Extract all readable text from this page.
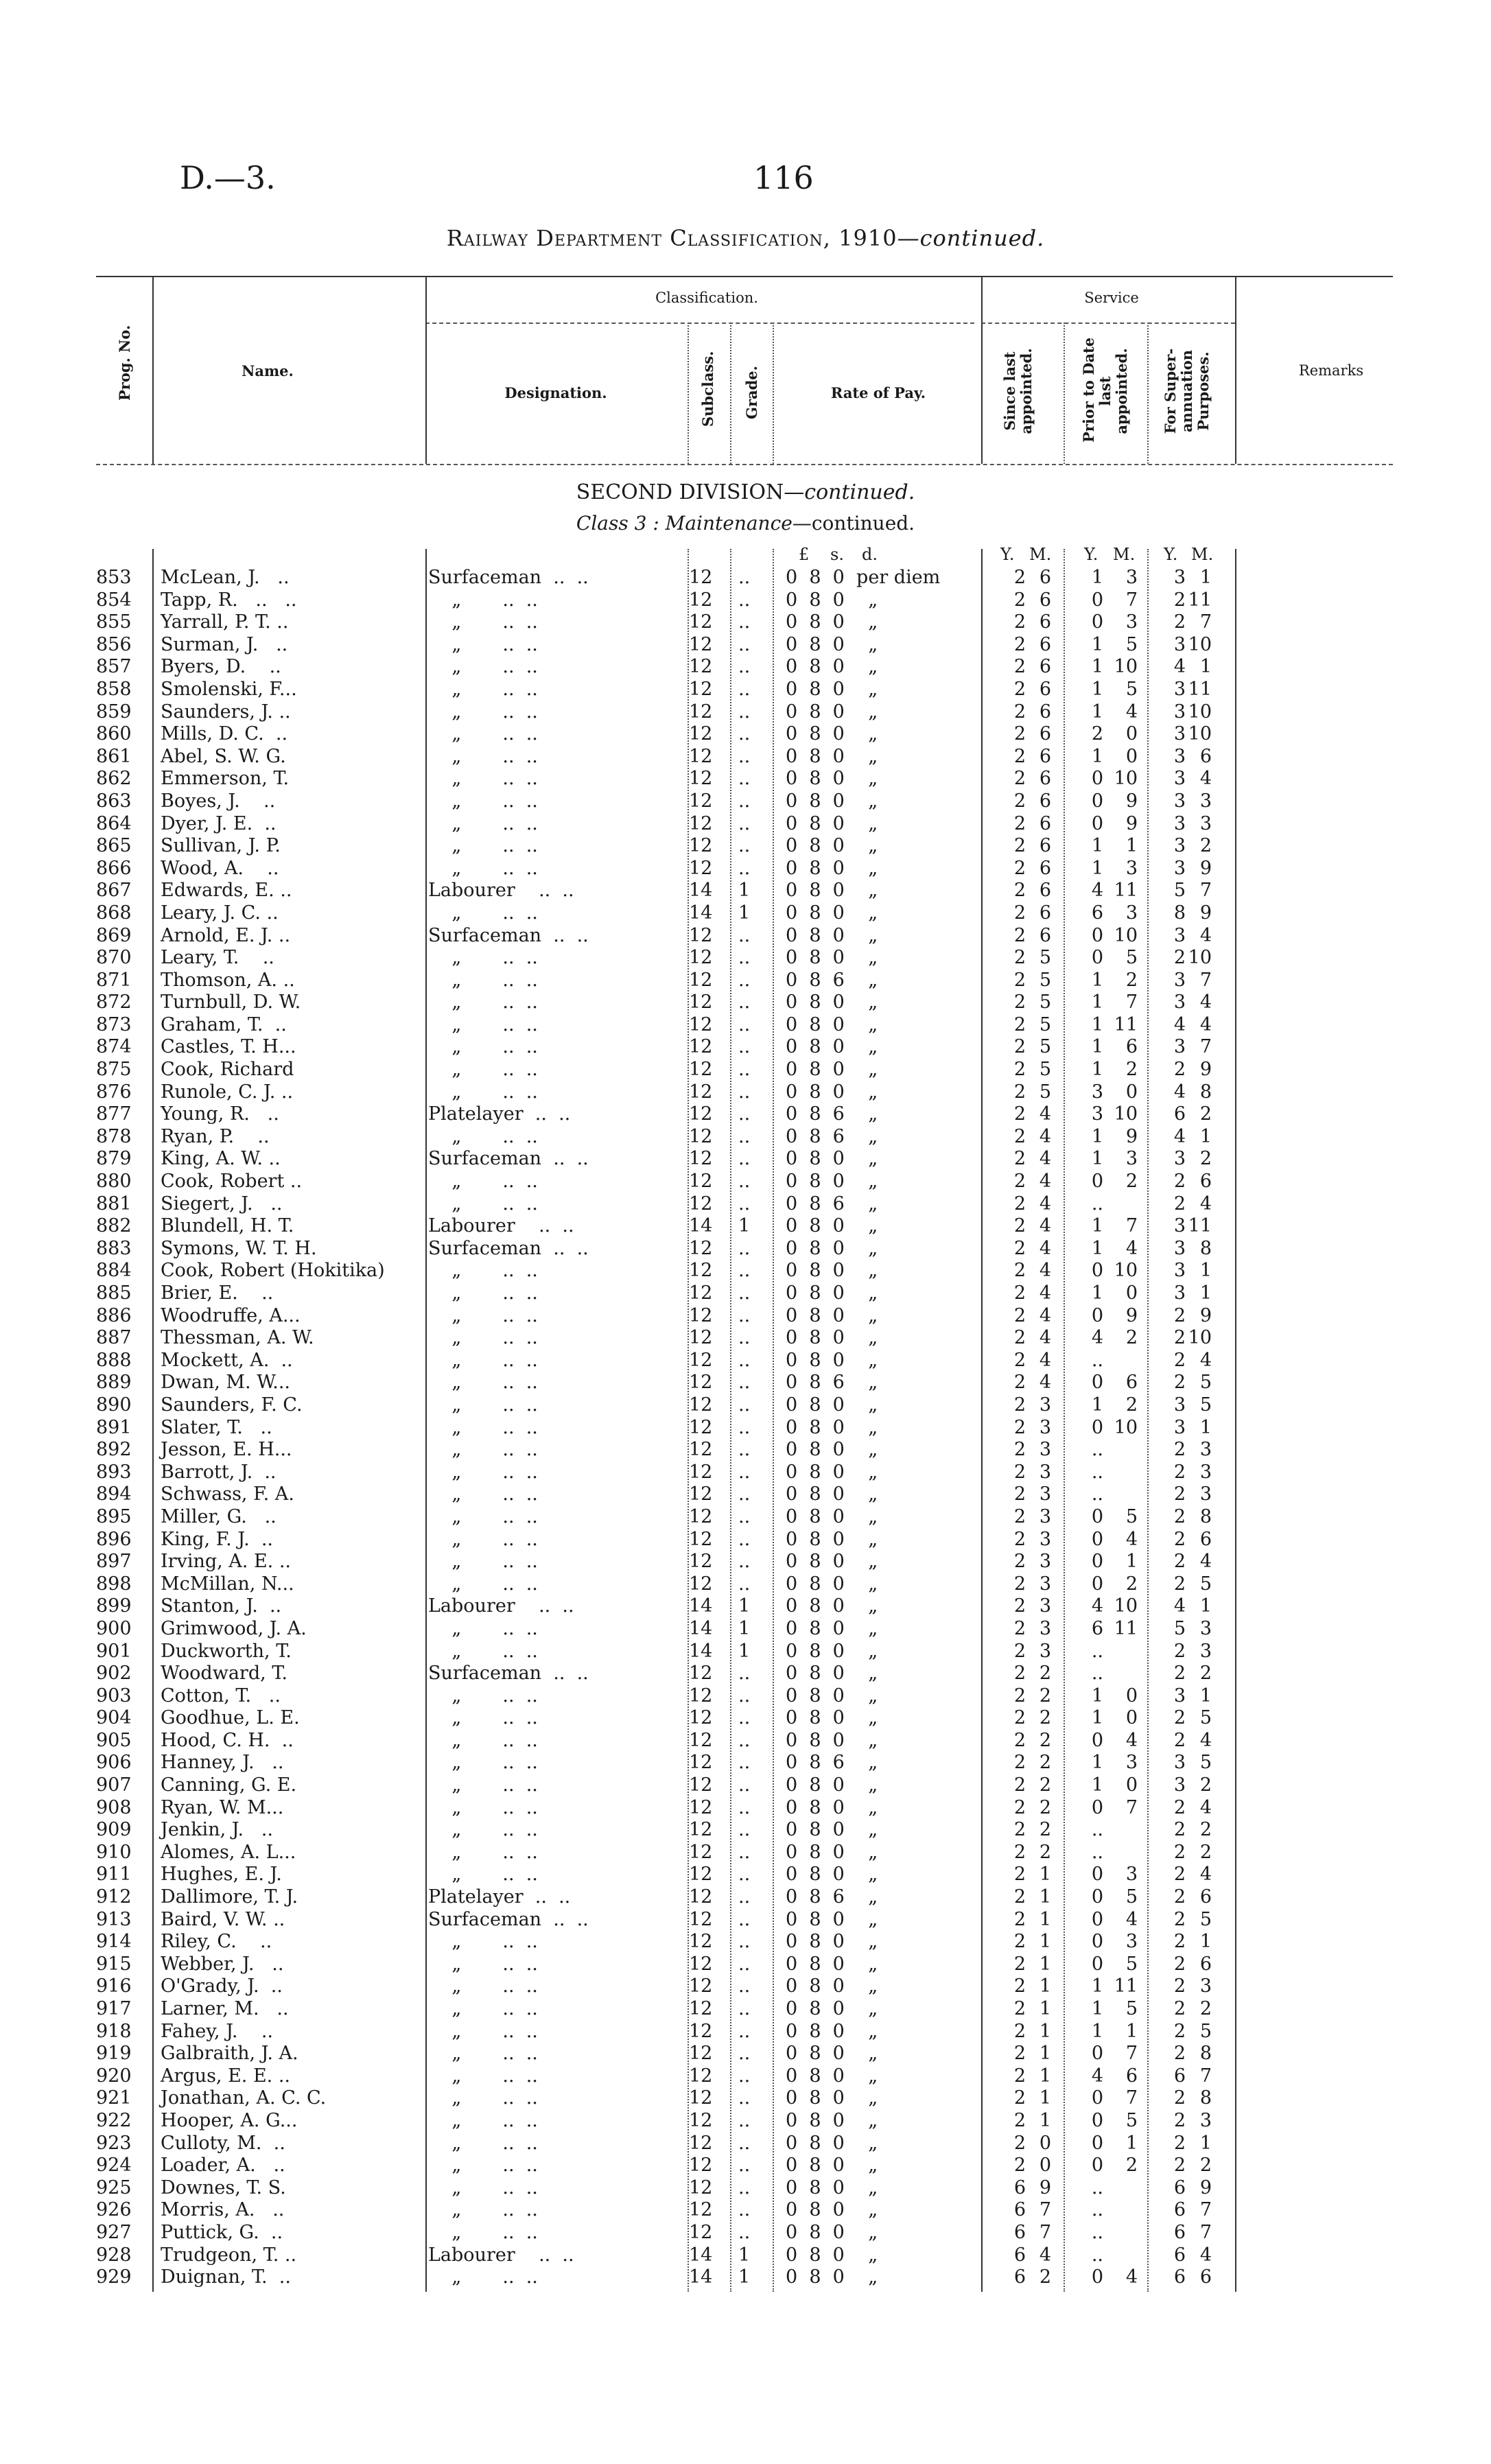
D.—3.	116
Railway Department Classification, 1910—continued.
Prog. No.	Name.
Classification.
Designation.	Subclass. Grade.	Rate of Pay.
Service
Since last
appointed.	Prior to Date
last
appointed.	For Super-
annuation
Purposes.	Remarks
SECOND DIVISION—continued.
Class 3 : Maintenance—continued.
£ s. d.	Y. M. Y. M. Y. M.
853	McLean, J.   ..	Surfaceman  ..  ..	12	..	0  8  0  per diem	2 6	1	3	3 1
854	Tapp, R.   ..   ..	„       ..  ..	12	..	0  8  0    „	2 6	0	7	2 11
855	Yarrall, P. T. ..	„       ..  ..	12	..	0  8  0    „	2 6	0	3	2 7
856	Surman, J.   ..	„       ..  ..	12	..	0  8  0    „	2 6	1	5	3 10
857	Byers, D.    ..	„       ..  ..	12	..	0  8  0    „	2 6	1 10	4 1
858	Smolenski, F...	„       ..  ..	12	..	0  8  0    „	2 6	1	5	3 11
859	Saunders, J. ..	„       ..  ..	12	..	0  8  0    „	2 6	1	4	3 10
860	Mills, D. C.  ..	„       ..  ..	12	..	0  8  0    „	2 6	2	0	3 10
861	Abel, S. W. G.	„       ..  ..	12	..	0  8  0    „	2 6	1	0	3 6
862	Emmerson, T.	„       ..  ..	12	..	0  8  0    „	2 6	0 10	3 4
863	Boyes, J.    ..	„       ..  ..	12	..	0  8  0    „	2 6	0	9	3 3
864	Dyer, J. E.  ..	„       ..  ..	12	..	0  8  0    „	2 6	0	9	3 3
865	Sullivan, J. P.	„       ..  ..	12	..	0  8  0    „	2 6	1	1	3 2
866	Wood, A.    ..	„       ..  ..	12	..	0  8  0    „	2 6	1	3	3 9
867	Edwards, E. ..	Labourer    ..  ..	14	1	0  8  0    „	2 6	4 11	5 7
868	Leary, J. C. ..	„       ..  ..	14	1	0  8  0    „	2 6	6	3	8 9
869	Arnold, E. J. ..	Surfaceman  ..  ..	12	..	0  8  0    „	2 6	0 10	3 4
870	Leary, T.    ..	„       ..  ..	12	..	0  8  0    „	2 5	0	5	2 10
871	Thomson, A. ..	„       ..  ..	12	..	0  8  6    „	2 5	1	2	3 7
872	Turnbull, D. W.	„       ..  ..	12	..	0  8  0    „	2 5	1	7	3 4
873	Graham, T.  ..	„       ..  ..	12	..	0  8  0    „	2 5	1 11	4 4
874	Castles, T. H...	„       ..  ..	12	..	0  8  0    „	2 5	1	6	3 7
875	Cook, Richard	„       ..  ..	12	..	0  8  0    „	2 5	1	2	2 9
876	Runole, C. J. ..	„       ..  ..	12	..	0  8  0    „	2 5	3	0	4 8
877	Young, R.   ..	Platelayer  ..  ..	12	..	0  8  6    „	2 4	3 10	6 2
878	Ryan, P.    ..	„       ..  ..	12	..	0  8  6    „	2 4	1	9	4 1
879	King, A. W. ..	Surfaceman  ..  ..	12	..	0  8  0    „	2 4	1	3	3 2
880	Cook, Robert ..	„       ..  ..	12	..	0  8  0    „	2 4	0	2	2 6
881	Siegert, J.   ..	„       ..  ..	12	..	0  8  6    „	2 4	..	2 4
882	Blundell, H. T.	Labourer    ..  ..	14	1	0  8  0    „	2 4	1	7	3 11
883	Symons, W. T. H.	Surfaceman  ..  ..	12	..	0  8  0    „	2 4	1	4	3 8
884	Cook, Robert (Hokitika)	„       ..  ..	12	..	0  8  0    „	2 4	0 10	3 1
885	Brier, E.    ..	„       ..  ..	12	..	0  8  0    „	2 4	1	0	3 1
886	Woodruffe, A...	„       ..  ..	12	..	0  8  0    „	2 4	0	9	2 9
887	Thessman, A. W.	„       ..  ..	12	..	0  8  0    „	2 4	4	2	2 10
888	Mockett, A.  ..	„       ..  ..	12	..	0  8  0    „	2 4	..	2 4
889	Dwan, M. W...	„       ..  ..	12	..	0  8  6    „	2 4	0	6	2 5
890	Saunders, F. C.	„       ..  ..	12	..	0  8  0    „	2 3	1	2	3 5
891	Slater, T.   ..	„       ..  ..	12	..	0  8  0    „	2 3	0 10	3 1
892	Jesson, E. H...	„       ..  ..	12	..	0  8  0    „	2 3	..	2 3
893	Barrott, J.  ..	„       ..  ..	12	..	0  8  0    „	2 3	..	2 3
894	Schwass, F. A.	„       ..  ..	12	..	0  8  0    „	2 3	..	2 3
895	Miller, G.   ..	„       ..  ..	12	..	0  8  0    „	2 3	0	5	2 8
896	King, F. J.  ..	„       ..  ..	12	..	0  8  0    „	2 3	0	4	2 6
897	Irving, A. E. ..	„       ..  ..	12	..	0  8  0    „	2 3	0	1	2 4
898	McMillan, N...	„       ..  ..	12	..	0  8  0    „	2 3	0	2	2 5
899	Stanton, J.  ..	Labourer    ..  ..	14	1	0  8  0    „	2 3	4 10	4 1
900	Grimwood, J. A.	„       ..  ..	14	1	0  8  0    „	2 3	6 11	5 3
901	Duckworth, T.	„       ..  ..	14	1	0  8  0    „	2 3	..	2 3
902	Woodward, T.	Surfaceman  ..  ..	12	..	0  8  0    „	2 2	..	2 2
903	Cotton, T.   ..	„       ..  ..	12	..	0  8  0    „	2 2	1	0	3 1
904	Goodhue, L. E.	„       ..  ..	12	..	0  8  0    „	2 2	1	0	2 5
905	Hood, C. H.  ..	„       ..  ..	12	..	0  8  0    „	2 2	0	4	2 4
906	Hanney, J.   ..	„       ..  ..	12	..	0  8  6    „	2 2	1	3	3 5
907	Canning, G. E.	„       ..  ..	12	..	0  8  0    „	2 2	1	0	3 2
908	Ryan, W. M...	„       ..  ..	12	..	0  8  0    „	2 2	0	7	2 4
909	Jenkin, J.   ..	„       ..  ..	12	..	0  8  0    „	2 2	..	2 2
910	Alomes, A. L...	„       ..  ..	12	..	0  8  0    „	2 2	..	2 2
911	Hughes, E. J.	„       ..  ..	12	..	0  8  0    „	2 1	0	3	2 4
912	Dallimore, T. J.	Platelayer  ..  ..	12	..	0  8  6    „	2 1	0	5	2 6
913	Baird, V. W. ..	Surfaceman  ..  ..	12	..	0  8  0    „	2 1	0	4	2 5
914	Riley, C.    ..	„       ..  ..	12	..	0  8  0    „	2 1	0	3	2 1
915	Webber, J.   ..	„       ..  ..	12	..	0  8  0    „	2 1	0	5	2 6
916	O'Grady, J.  ..	„       ..  ..	12	..	0  8  0    „	2 1	1 11	2 3
917	Larner, M.   ..	„       ..  ..	12	..	0  8  0    „	2 1	1	5	2 2
918	Fahey, J.    ..	„       ..  ..	12	..	0  8  0    „	2 1	1	1	2 5
919	Galbraith, J. A.	„       ..  ..	12	..	0  8  0    „	2 1	0	7	2 8
920	Argus, E. E. ..	„       ..  ..	12	..	0  8  0    „	2 1	4	6	6 7
921	Jonathan, A. C. C.	„       ..  ..	12	..	0  8  0    „	2 1	0	7	2 8
922	Hooper, A. G...	„       ..  ..	12	..	0  8  0    „	2 1	0	5	2 3
923	Culloty, M.  ..	„       ..  ..	12	..	0  8  0    „	2 0	0	1	2 1
924	Loader, A.   ..	„       ..  ..	12	..	0  8  0    „	2 0	0	2	2 2
925	Downes, T. S.	„       ..  ..	12	..	0  8  0    „	6 9	..	6 9
926	Morris, A.   ..	„       ..  ..	12	..	0  8  0    „	6 7	..	6 7
927	Puttick, G.  ..	„       ..  ..	12	..	0  8  0    „	6 7	..	6 7
928	Trudgeon, T. ..	Labourer    ..  ..	14	1	0  8  0    „	6 4	..	6 4
929	Duignan, T.  ..	„       ..  ..	14	1	0  8  0    „	6 2	0	4	6 6
